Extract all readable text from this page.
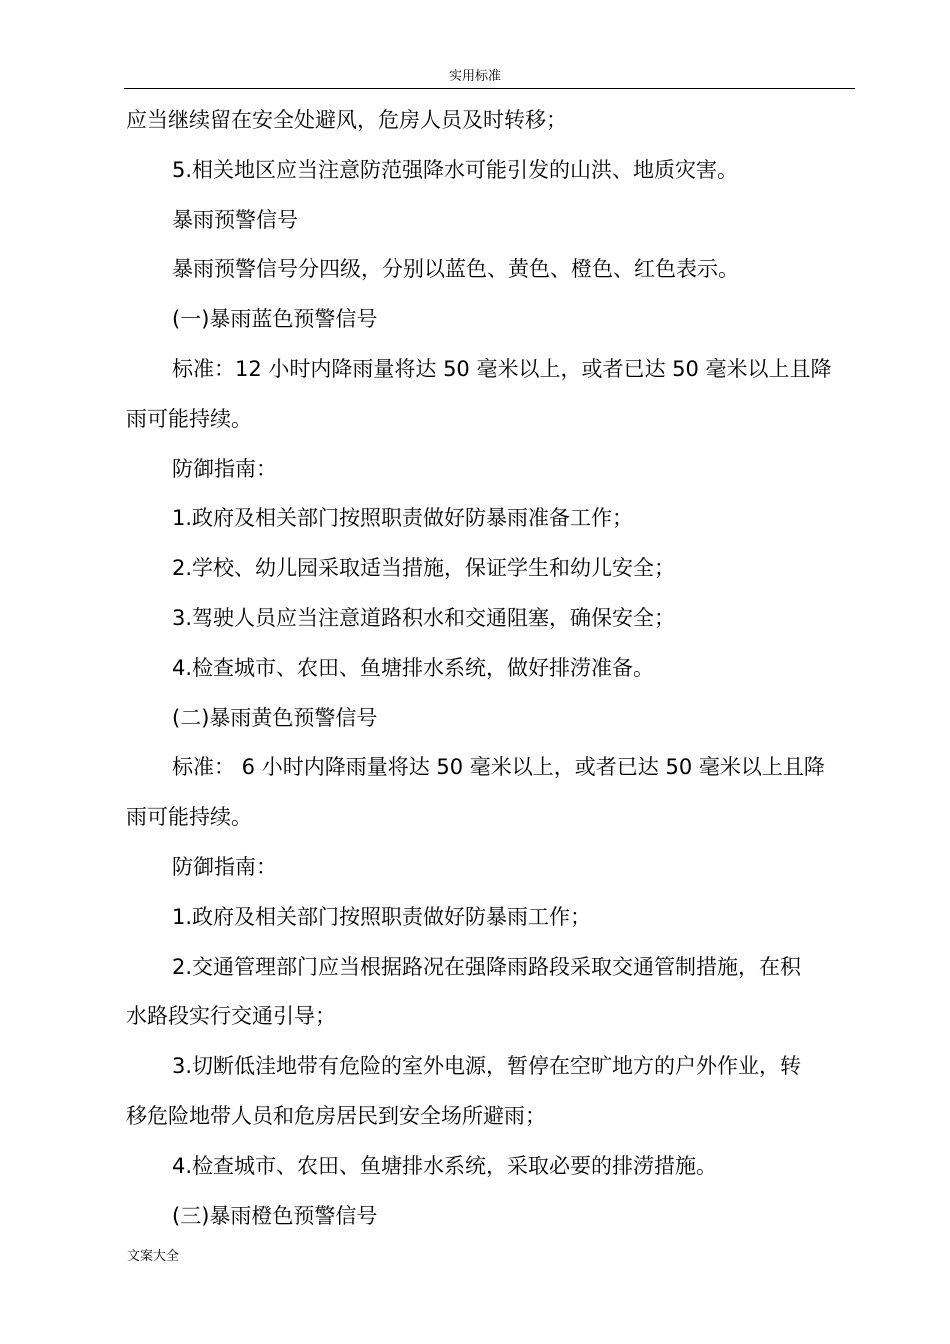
实用标准

应当继续留在安全处避风，危房人员及时转移；

5.相关地区应当注意防范强降水可能引发的山洪、地质灾害。

暴雨预警信号

暴雨预警信号分四级，分别以蓝色、黄色、橙色、红色表示。

(一)暴雨蓝色预警信号

标准：12 小时内降雨量将达 50 毫米以上，或者已达 50 毫米以上且降

雨可能持续。

防御指南：

1.政府及相关部门按照职责做好防暴雨准备工作；

2.学校、幼儿园采取适当措施，保证学生和幼儿安全；

3.驾驶人员应当注意道路积水和交通阻塞，确保安全；

4.检查城市、农田、鱼塘排水系统，做好排涝准备。

(二)暴雨黄色预警信号

标准： 6 小时内降雨量将达 50 毫米以上，或者已达 50 毫米以上且降

雨可能持续。

防御指南：

1.政府及相关部门按照职责做好防暴雨工作；

2.交通管理部门应当根据路况在强降雨路段采取交通管制措施，在积

水路段实行交通引导；

3.切断低洼地带有危险的室外电源，暂停在空旷地方的户外作业，转

移危险地带人员和危房居民到安全场所避雨；

4.检查城市、农田、鱼塘排水系统，采取必要的排涝措施。

(三)暴雨橙色预警信号

文案大全
